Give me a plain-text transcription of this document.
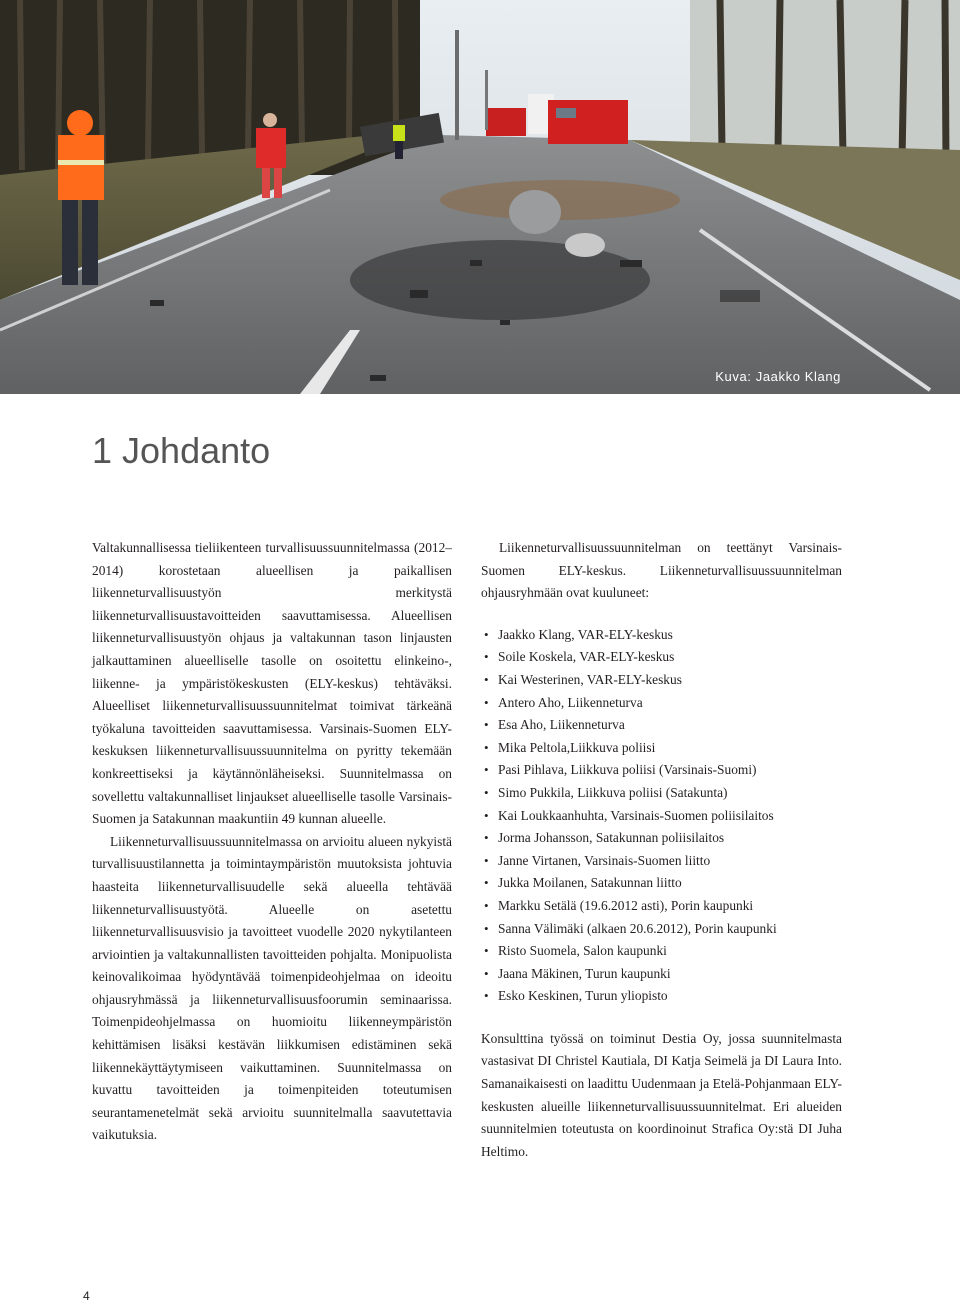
Kuva: Jaakko Klang
1 Johdanto

Valtakunnallisessa tieliikenteen turvallisuussuunnitelmassa (2012–2014) korostetaan alueellisen ja paikallisen liikenneturvallisuustyön merkitystä liikenneturvallisuustavoitteiden saavuttamisessa. Alueellisen liikenneturvallisuustyön ohjaus ja valtakunnan tason linjausten jalkauttaminen alueelliselle tasolle on osoitettu elinkeino-, liikenne- ja ympäristökeskusten (ELY-keskus) tehtäväksi. Alueelliset liikenneturvallisuussuunnitelmat toimivat tärkeänä työkaluna tavoitteiden saavuttamisessa. Varsinais-Suomen ELY-keskuksen liikenneturvallisuussuunnitelma on pyritty tekemään konkreettiseksi ja käytännönläheiseksi. Suunnitelmassa on sovellettu valtakunnalliset linjaukset alueelliselle tasolle Varsinais-Suomen ja Satakunnan maakuntiin 49 kunnan alueelle.

Liikenneturvallisuussuunnitelmassa on arvioitu alueen nykyistä turvallisuustilannetta ja toimintaympäristön muutoksista johtuvia haasteita liikenneturvallisuudelle sekä alueella tehtävää liikenneturvallisuustyötä. Alueelle on asetettu liikenneturvallisuusvisio ja tavoitteet vuodelle 2020 nykytilanteen arviointien ja valtakunnallisten tavoitteiden pohjalta. Monipuolista keinovalikoimaa hyödyntävää toimenpideohjelmaa on ideoitu ohjausryhmässä ja liikenneturvallisuusfoorumin seminaarissa. Toimenpideohjelmassa on huomioitu liikenneympäristön kehittämisen lisäksi kestävän liikkumisen edistäminen sekä liikennekäyttäytymiseen vaikuttaminen. Suunnitelmassa on kuvattu tavoitteiden ja toimenpiteiden toteutumisen seurantamenetelmät sekä arvioitu suunnitelmalla saavutettavia vaikutuksia.

Liikenneturvallisuussuunnitelman on teettänyt Varsinais-Suomen ELY-keskus. Liikenneturvallisuussuunnitelman ohjausryhmään ovat kuuluneet:

• Jaakko Klang, VAR-ELY-keskus
• Soile Koskela, VAR-ELY-keskus
• Kai Westerinen, VAR-ELY-keskus
• Antero Aho, Liikenneturva
• Esa Aho, Liikenneturva
• Mika Peltola,Liikkuva poliisi
• Pasi Pihlava, Liikkuva poliisi (Varsinais-Suomi)
• Simo Pukkila, Liikkuva poliisi (Satakunta)
• Kai Loukkaanhuhta, Varsinais-Suomen poliisilaitos
• Jorma Johansson, Satakunnan poliisilaitos
• Janne Virtanen, Varsinais-Suomen liitto
• Jukka Moilanen, Satakunnan liitto
• Markku Setälä (19.6.2012 asti), Porin kaupunki
• Sanna Välimäki (alkaen 20.6.2012), Porin kaupunki
• Risto Suomela, Salon kaupunki
• Jaana Mäkinen, Turun kaupunki
• Esko Keskinen, Turun yliopisto

Konsulttina työssä on toiminut Destia Oy, jossa suunnitelmasta vastasivat DI Christel Kautiala, DI Katja Seimelä ja DI Laura Into. Samanaikaisesti on laadittu Uudenmaan ja Etelä-Pohjanmaan ELY-keskusten alueille liikenneturvallisuussuunnitelmat. Eri alueiden suunnitelmien toteutusta on koordinoinut Strafica Oy:stä DI Juha Heltimo.

4
